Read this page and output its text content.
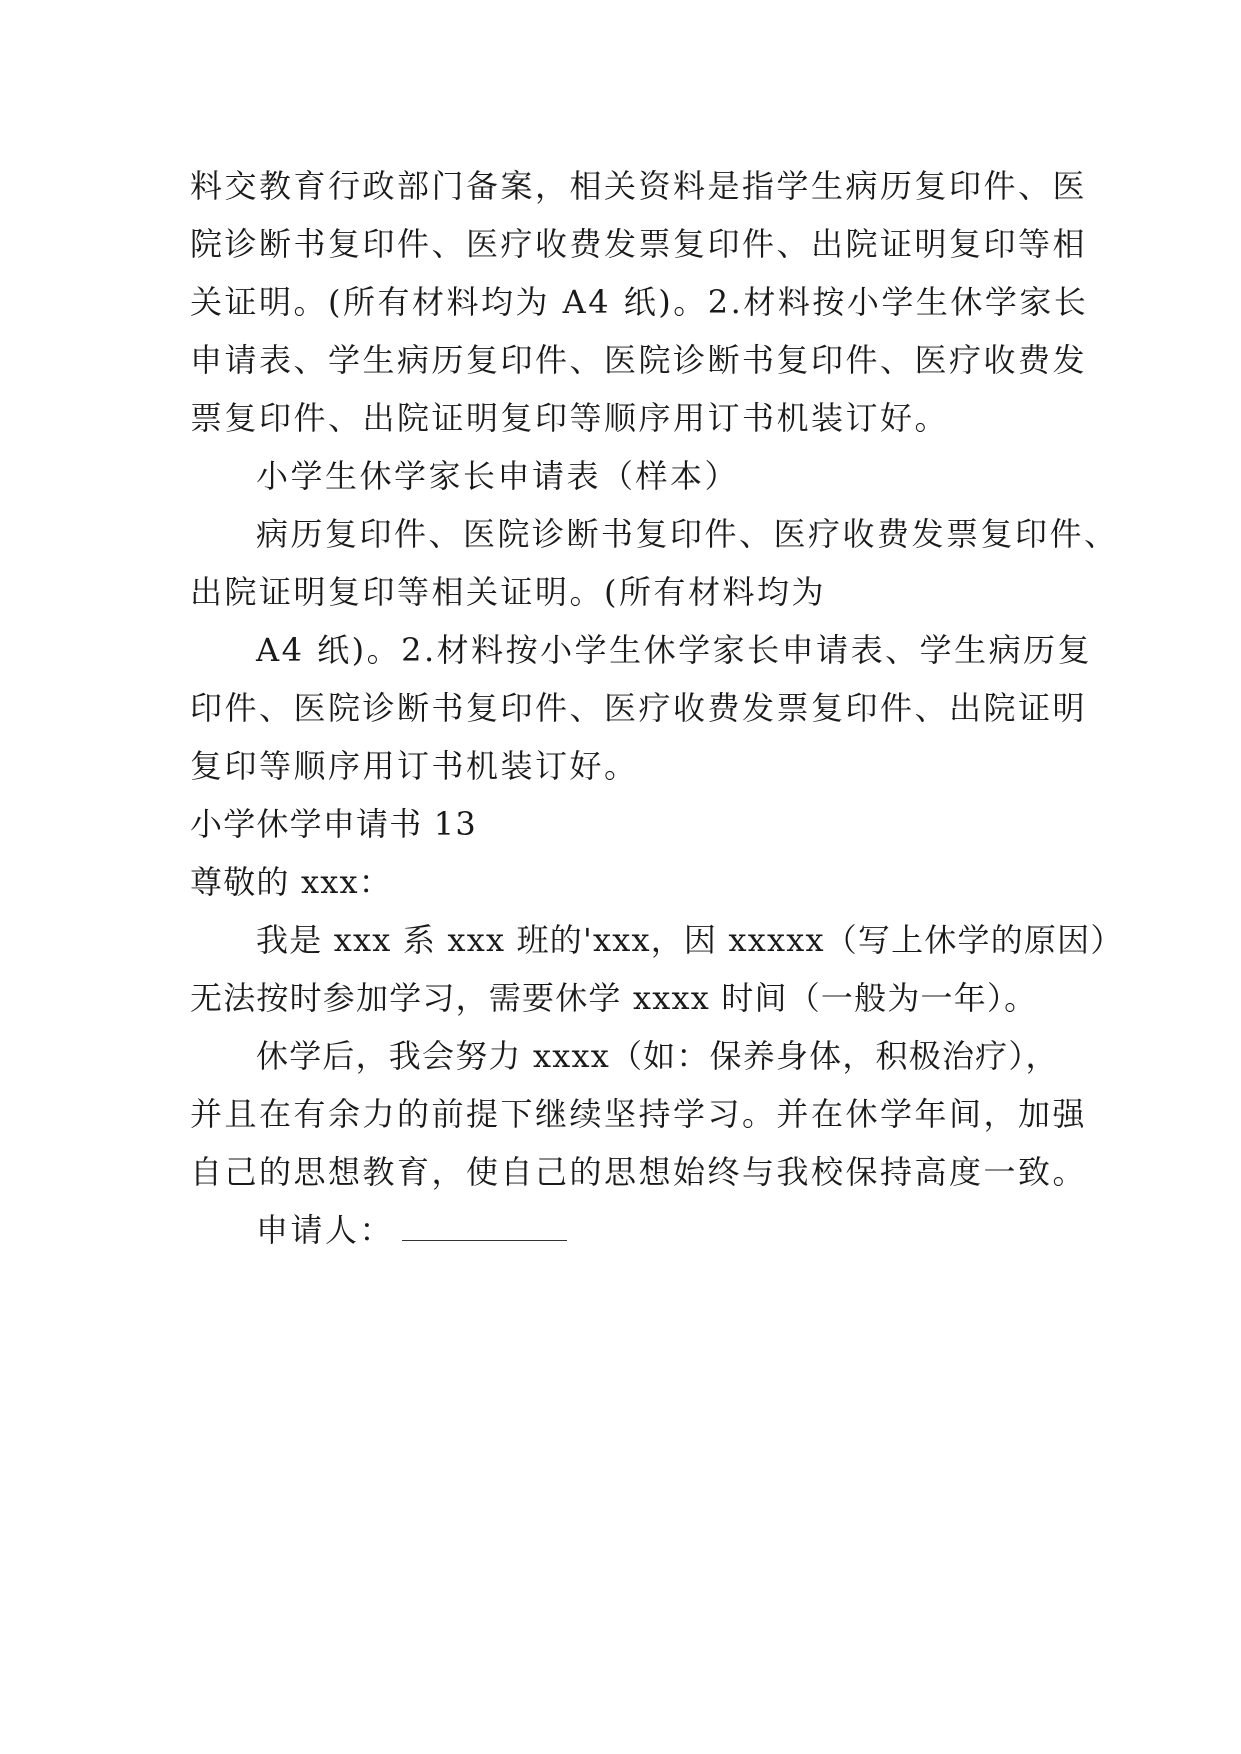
料交教育行政部门备案，相关资料是指学生病历复印件、医
院诊断书复印件、医疗收费发票复印件、出院证明复印等相
关证明。(所有材料均为 A4 纸)。2.材料按小学生休学家长
申请表、学生病历复印件、医院诊断书复印件、医疗收费发
票复印件、出院证明复印等顺序用订书机装订好。
小学生休学家长申请表（样本）
病历复印件、医院诊断书复印件、医疗收费发票复印件、
出院证明复印等相关证明。(所有材料均为
A4 纸)。2.材料按小学生休学家长申请表、学生病历复
印件、医院诊断书复印件、医疗收费发票复印件、出院证明
复印等顺序用订书机装订好。
小学休学申请书 13
尊敬的 xxx：
我是 xxx 系 xxx 班的'xxx，因 xxxxx（写上休学的原因）
无法按时参加学习，需要休学 xxxx 时间（一般为一年）。
休学后，我会努力 xxxx（如：保养身体，积极治疗），
并且在有余力的前提下继续坚持学习。并在休学年间，加强
自己的思想教育，使自己的思想始终与我校保持高度一致。
申请人：
